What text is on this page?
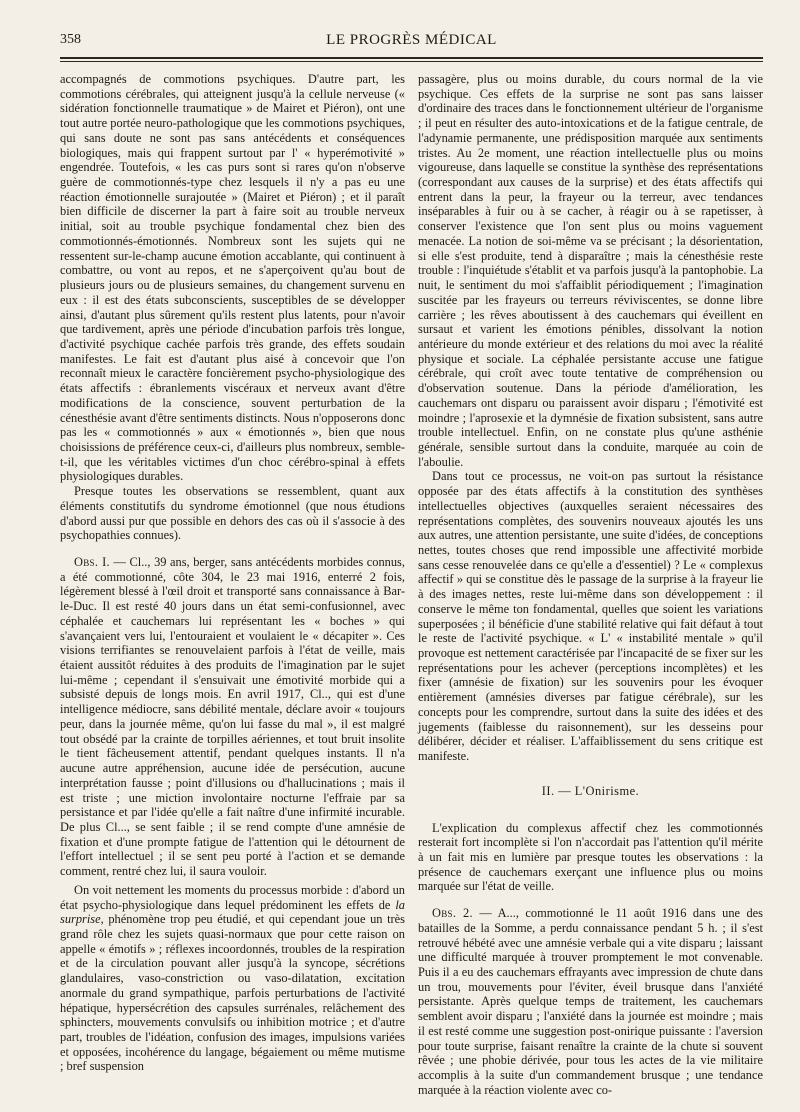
358	LE PROGRÈS MÉDICAL

accompagnés de commotions psychiques. D'autre part, les commotions cérébrales, qui atteignent jusqu'à la cellule nerveuse (« sidération fonctionnelle traumatique » de Mairet et Piéron), ont une tout autre portée neuro-pathologique que les commotions psychiques, qui sans doute ne sont pas sans antécédents et conséquences biologiques, mais qui frappent surtout par l' « hyperémotivité » engendrée. Toutefois, « les cas purs sont si rares qu'on n'observe guère de commotionnés-type chez lesquels il n'y a pas eu une réaction émotionnelle surajoutée » (Mairet et Piéron) ; et il paraît bien difficile de discerner la part à faire soit au trouble nerveux initial, soit au trouble psychique fondamental chez bien des commotionnés-émotionnés. Nombreux sont les sujets qui ne ressentent sur-le-champ aucune émotion accablante, qui continuent à combattre, ou vont au repos, et ne s'aperçoivent qu'au bout de plusieurs jours ou de plusieurs semaines, du changement survenu en eux : il est des états subconscients, susceptibles de se développer ainsi, d'autant plus sûrement qu'ils restent plus latents, pour n'avoir que tardivement, après une période d'incubation parfois très longue, d'activité psychique cachée parfois très grande, des effets soudain manifestes. Le fait est d'autant plus aisé à concevoir que l'on reconnaît mieux le caractère foncièrement psycho-physiologique des états affectifs : ébranlements viscéraux et nerveux avant d'être modifications de la conscience, souvent perturbation de la cénesthésie avant d'être sentiments distincts. Nous n'opposerons donc pas les « commotionnés » aux « émotionnés », bien que nous choisissions de préférence ceux-ci, d'ailleurs plus nombreux, semble-t-il, que les véritables victimes d'un choc cérébro-spinal à effets physiologiques durables.

Presque toutes les observations se ressemblent, quant aux éléments constitutifs du syndrome émotionnel (que nous étudions d'abord aussi pur que possible en dehors des cas où il s'associe à des psychopathies connues).

Obs. I. — Cl.., 39 ans, berger, sans antécédents morbides connus, a été commotionné, côte 304, le 23 mai 1916, enterré 2 fois, légèrement blessé à l'œil droit et transporté sans connaissance à Bar-le-Duc. Il est resté 40 jours dans un état semi-confusionnel, avec céphalée et cauchemars lui représentant les « boches » qui s'avançaient vers lui, l'entouraient et voulaient le « décapiter ». Ces visions terrifiantes se renouvelaient parfois à l'état de veille, mais étaient aussitôt réduites à des produits de l'imagination par le sujet lui-même ; cependant il s'ensuivait une émotivité morbide qui a subsisté depuis de longs mois. En avril 1917, Cl.., qui est d'une intelligence médiocre, sans débilité mentale, déclare avoir « toujours peur, dans la journée même, qu'on lui fasse du mal », il est malgré tout obsédé par la crainte de torpilles aériennes, et tout bruit insolite le tient fâcheusement attentif, pendant quelques instants. Il n'a aucune autre appréhension, aucune idée de persécution, aucune interprétation fausse ; point d'illusions ou d'hallucinations ; mais il est triste ; une miction involontaire nocturne l'effraie par sa persistance et par l'idée qu'elle a fait naître d'une infirmité incurable. De plus Cl..., se sent faible ; il se rend compte d'une amnésie de fixation et d'une prompte fatigue de l'attention qui le détournent de l'effort intellectuel ; il se sent peu porté à l'action et se demande comment, rentré chez lui, il saura vouloir.

On voit nettement les moments du processus morbide : d'abord un état psycho-physiologique dans lequel prédominent les effets de la surprise, phénomène trop peu étudié, et qui cependant joue un très grand rôle chez les sujets quasi-normaux que pour cette raison on appelle « émotifs » ; réflexes incoordonnés, troubles de la respiration et de la circulation pouvant aller jusqu'à la syncope, sécrétions glandulaires, vaso-constriction ou vaso-dilatation, excitation anormale du grand sympathique, parfois perturbations de l'activité hépatique, hypersécrétion des capsules surrénales, relâchement des sphincters, mouvements convulsifs ou inhibition motrice ; et d'autre part, troubles de l'idéation, confusion des images, impulsions variées et opposées, incohérence du langage, bégaiement ou même mutisme ; bref suspension

passagère, plus ou moins durable, du cours normal de la vie psychique. Ces effets de la surprise ne sont pas sans laisser d'ordinaire des traces dans le fonctionnement ultérieur de l'organisme ; il peut en résulter des auto-intoxications et de la fatigue centrale, de l'adynamie permanente, une prédisposition marquée aux sentiments tristes. Au 2e moment, une réaction intellectuelle plus ou moins vigoureuse, dans laquelle se constitue la synthèse des représentations (correspondant aux causes de la surprise) et des états affectifs qui entrent dans la peur, la frayeur ou la terreur, avec tendances inséparables à fuir ou à se cacher, à réagir ou à se rapetisser, à conserver l'existence que l'on sent plus ou moins vaguement menacée. La notion de soi-même va se précisant ; la désorientation, si elle s'est produite, tend à disparaître ; mais la cénesthésie reste trouble : l'inquiétude s'établit et va parfois jusqu'à la pantophobie. La nuit, le sentiment du moi s'affaiblit périodiquement ; l'imagination suscitée par les frayeurs ou terreurs réviviscentes, se donne libre carrière ; les rêves aboutissent à des cauchemars qui éveillent en sursaut et varient les émotions pénibles, dissolvant la notion antérieure du monde extérieur et des relations du moi avec la réalité physique et sociale. La céphalée persistante accuse une fatigue cérébrale, qui croît avec toute tentative de compréhension ou d'observation soutenue. Dans la période d'amélioration, les cauchemars ont disparu ou paraissent avoir disparu ; l'émotivité est moindre ; l'aprosexie et la dymnésie de fixation subsistent, sans autre trouble intellectuel. Enfin, on ne constate plus qu'une asthénie générale, sensible surtout dans la conduite, marquée au coin de l'aboulie.

Dans tout ce processus, ne voit-on pas surtout la résistance opposée par des états affectifs à la constitution des synthèses intellectuelles objectives (auxquelles seraient nécessaires des représentations complètes, des souvenirs nouveaux ajoutés les uns aux autres, une attention persistante, une suite d'idées, de conceptions nettes, toutes choses que rend impossible une affectivité morbide sans cesse renouvelée dans ce qu'elle a d'essentiel) ? Le « complexus affectif » qui se constitue dès le passage de la surprise à la frayeur lie à des images nettes, reste lui-même dans son développement : il conserve le même ton fondamental, quelles que soient les variations superposées ; il bénéficie d'une stabilité relative qui fait défaut à tout le reste de l'activité psychique. « L' « instabilité mentale » qu'il provoque est nettement caractérisée par l'incapacité de se fixer sur les représentations pour les achever (perceptions incomplètes) et les fixer (amnésie de fixation) sur les souvenirs pour les évoquer entièrement (amnésies diverses par fatigue cérébrale), sur les concepts pour les comprendre, surtout dans la suite des idées et des jugements (faiblesse du raisonnement), sur les desseins pour délibérer, décider et réaliser. L'affaiblissement du sens critique est manifeste.

II. — L'Onirisme.

L'explication du complexus affectif chez les commotionnés resterait fort incomplète si l'on n'accordait pas l'attention qu'il mérite à un fait mis en lumière par presque toutes les observations : la présence de cauchemars exerçant une influence plus ou moins marquée sur l'état de veille.

Obs. 2. — A..., commotionné le 11 août 1916 dans une des batailles de la Somme, a perdu connaissance pendant 5 h. ; il s'est retrouvé hébété avec une amnésie verbale qui a vite disparu ; laissant une difficulté marquée à trouver promptement le mot convenable. Puis il a eu des cauchemars effrayants avec impression de chute dans un trou, mouvements pour l'éviter, éveil brusque dans l'anxiété persistante. Après quelque temps de traitement, les cauchemars semblent avoir disparu ; l'anxiété dans la journée est moindre ; mais il est resté comme une suggestion post-onirique puissante : l'aversion pour toute surprise, faisant renaître la crainte de la chute si souvent rêvée ; une phobie dérivée, pour tous les actes de la vie militaire accomplis à la suite d'un commandement brusque ; une tendance marquée à la réaction violente avec co-
